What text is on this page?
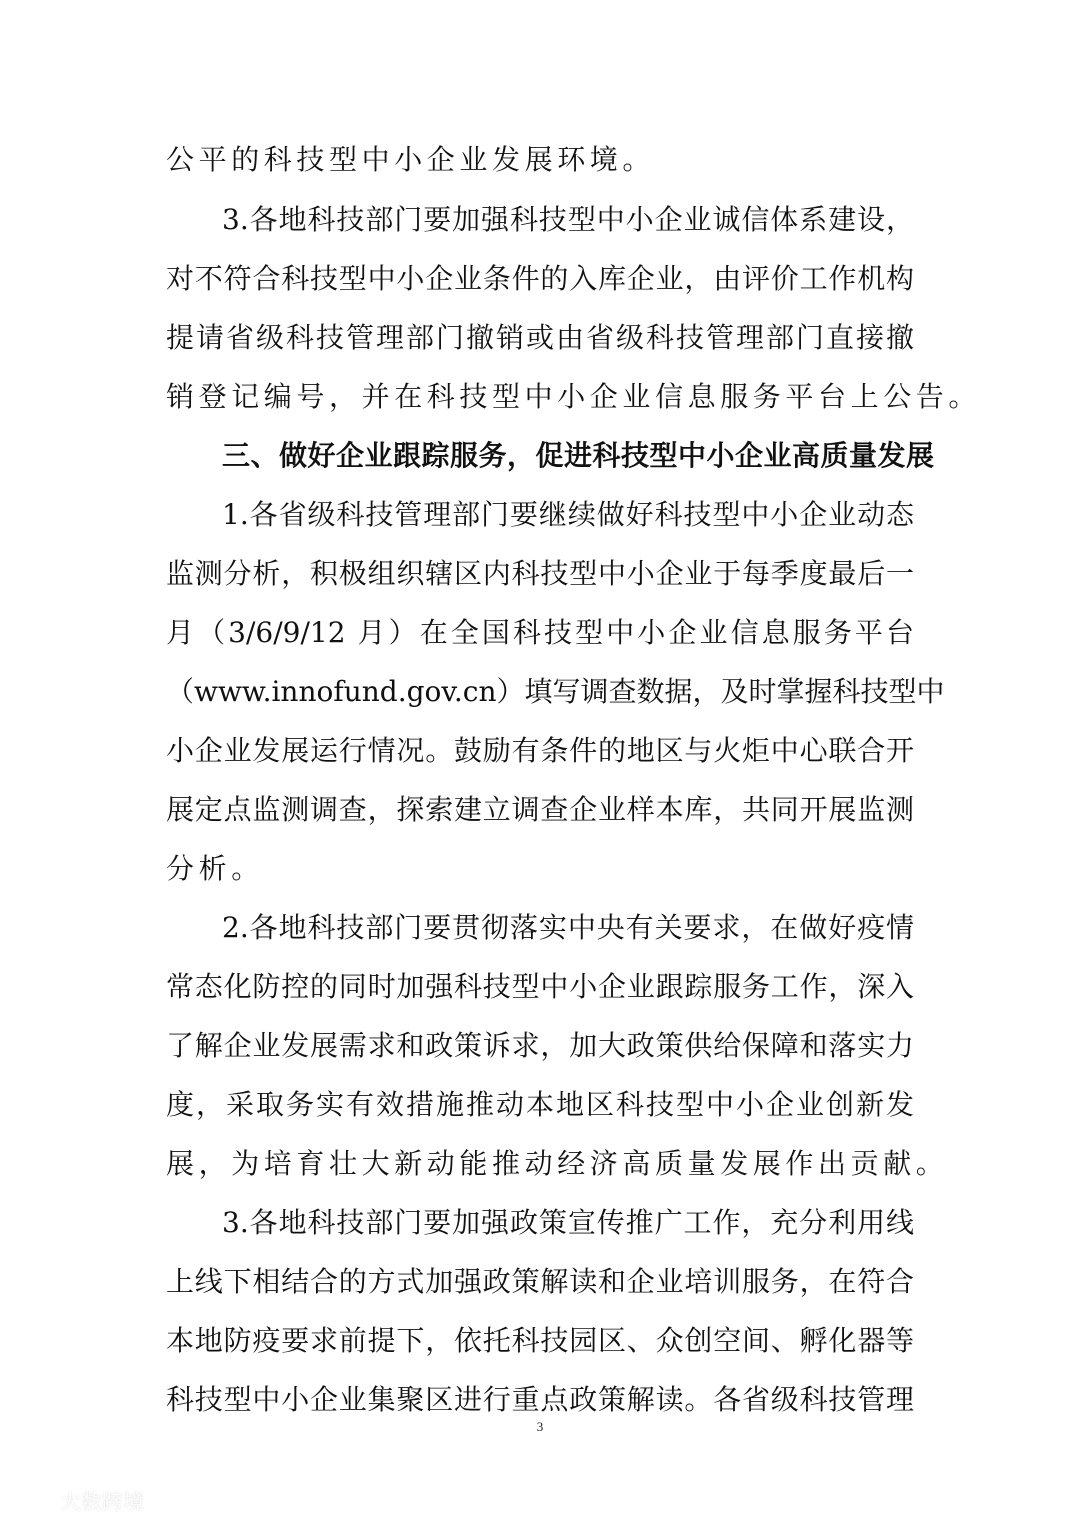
公平的科技型中小企业发展环境。
3.各地科技部门要加强科技型中小企业诚信体系建设，
对不符合科技型中小企业条件的入库企业，由评价工作机构
提请省级科技管理部门撤销或由省级科技管理部门直接撤
销登记编号，并在科技型中小企业信息服务平台上公告。
三、做好企业跟踪服务，促进科技型中小企业高质量发展
1.各省级科技管理部门要继续做好科技型中小企业动态
监测分析，积极组织辖区内科技型中小企业于每季度最后一
月（3/6/9/12 月）在全国科技型中小企业信息服务平台
（www.innofund.gov.cn）填写调查数据，及时掌握科技型中
小企业发展运行情况。鼓励有条件的地区与火炬中心联合开
展定点监测调查，探索建立调查企业样本库，共同开展监测
分析。
2.各地科技部门要贯彻落实中央有关要求，在做好疫情
常态化防控的同时加强科技型中小企业跟踪服务工作，深入
了解企业发展需求和政策诉求，加大政策供给保障和落实力
度，采取务实有效措施推动本地区科技型中小企业创新发
展，为培育壮大新动能推动经济高质量发展作出贡献。
3.各地科技部门要加强政策宣传推广工作，充分利用线
上线下相结合的方式加强政策解读和企业培训服务，在符合
本地防疫要求前提下，依托科技园区、众创空间、孵化器等
科技型中小企业集聚区进行重点政策解读。各省级科技管理
3
大数跨境
